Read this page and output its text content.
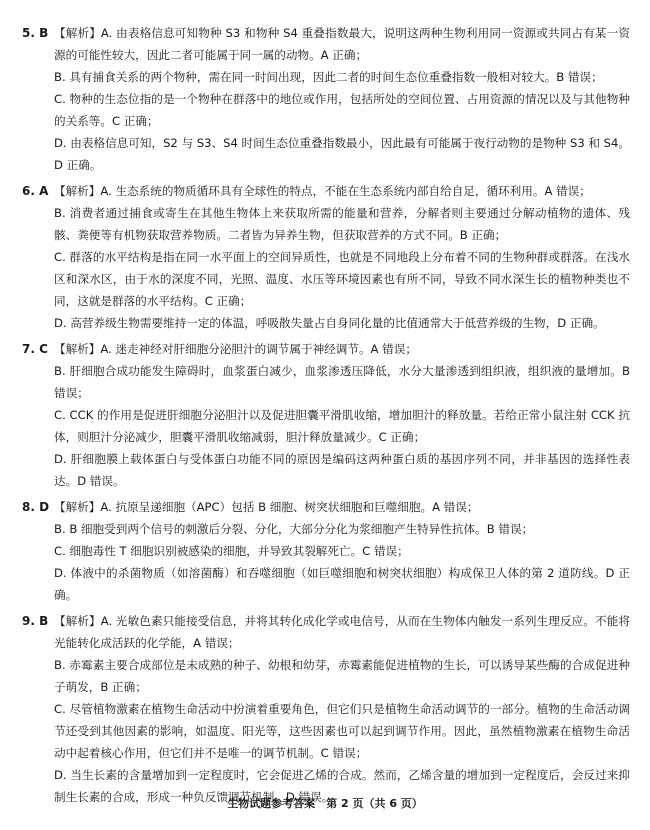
5. B 【解析】A. 由表格信息可知物种 S3 和物种 S4 重叠指数最大，说明这两种生物利用同一资源或共同占有某一资源的可能性较大，因此二者可能属于同一属的动物。A 正确；

B. 具有捕食关系的两个物种，需在同一时间出现，因此二者的时间生态位重叠指数一般相对较大。B 错误；

C. 物种的生态位指的是一个物种在群落中的地位或作用，包括所处的空间位置、占用资源的情况以及与其他物种的关系等。C 正确；

D. 由表格信息可知，S2 与 S3、S4 时间生态位重叠指数最小，因此最有可能属于夜行动物的是物种 S3 和 S4。D 正确。

6. A 【解析】A. 生态系统的物质循环具有全球性的特点，不能在生态系统内部自给自足，循环利用。A 错误；

B. 消费者通过捕食或寄生在其他生物体上来获取所需的能量和营养，分解者则主要通过分解动植物的遗体、残骸、粪便等有机物获取营养物质。二者皆为异养生物，但获取营养的方式不同。B 正确；

C. 群落的水平结构是指在同一水平面上的空间异质性，也就是不同地段上分布着不同的生物种群或群落。在浅水区和深水区，由于水的深度不同，光照、温度、水压等环境因素也有所不同，导致不同水深生长的植物种类也不同，这就是群落的水平结构。C 正确；

D. 高营养级生物需要维持一定的体温，呼吸散失量占自身同化量的比值通常大于低营养级的生物，D 正确。

7. C 【解析】A. 迷走神经对肝细胞分泌胆汁的调节属于神经调节。A 错误；

B. 肝细胞合成功能发生障碍时，血浆蛋白减少，血浆渗透压降低，水分大量渗透到组织液，组织液的量增加。B 错误；

C. CCK 的作用是促进肝细胞分泌胆汁以及促进胆囊平滑肌收缩，增加胆汁的释放量。若给正常小鼠注射 CCK 抗体，则胆汁分泌减少，胆囊平滑肌收缩减弱，胆汁释放量减少。C 正确；

D. 肝细胞膜上载体蛋白与受体蛋白功能不同的原因是编码这两种蛋白质的基因序列不同，并非基因的选择性表达。D 错误。

8. D 【解析】A. 抗原呈递细胞（APC）包括 B 细胞、树突状细胞和巨噬细胞。A 错误；

B. B 细胞受到两个信号的刺激后分裂、分化，大部分分化为浆细胞产生特异性抗体。B 错误；

C. 细胞毒性 T 细胞识别被感染的细胞，并导致其裂解死亡。C 错误；

D. 体液中的杀菌物质（如溶菌酶）和吞噬细胞（如巨噬细胞和树突状细胞）构成保卫人体的第 2 道防线。D 正确。

9. B 【解析】A. 光敏色素只能接受信息，并将其转化成化学或电信号，从而在生物体内触发一系列生理反应。不能将光能转化成活跃的化学能，A 错误；

B. 赤霉素主要合成部位是未成熟的种子、幼根和幼芽，赤霉素能促进植物的生长，可以诱导某些酶的合成促进种子萌发，B 正确；

C. 尽管植物激素在植物生命活动中扮演着重要角色，但它们只是植物生命活动调节的一部分。植物的生命活动调节还受到其他因素的影响，如温度、阳光等，这些因素也可以起到调节作用。因此，虽然植物激素在植物生命活动中起着核心作用，但它们并不是唯一的调节机制。C 错误；

D. 当生长素的含量增加到一定程度时，它会促进乙烯的合成。然而，乙烯含量的增加到一定程度后，会反过来抑制生长素的合成，形成一种负反馈调节机制。D 错误。

生物试题参考答案　第 2 页（共 6 页）
